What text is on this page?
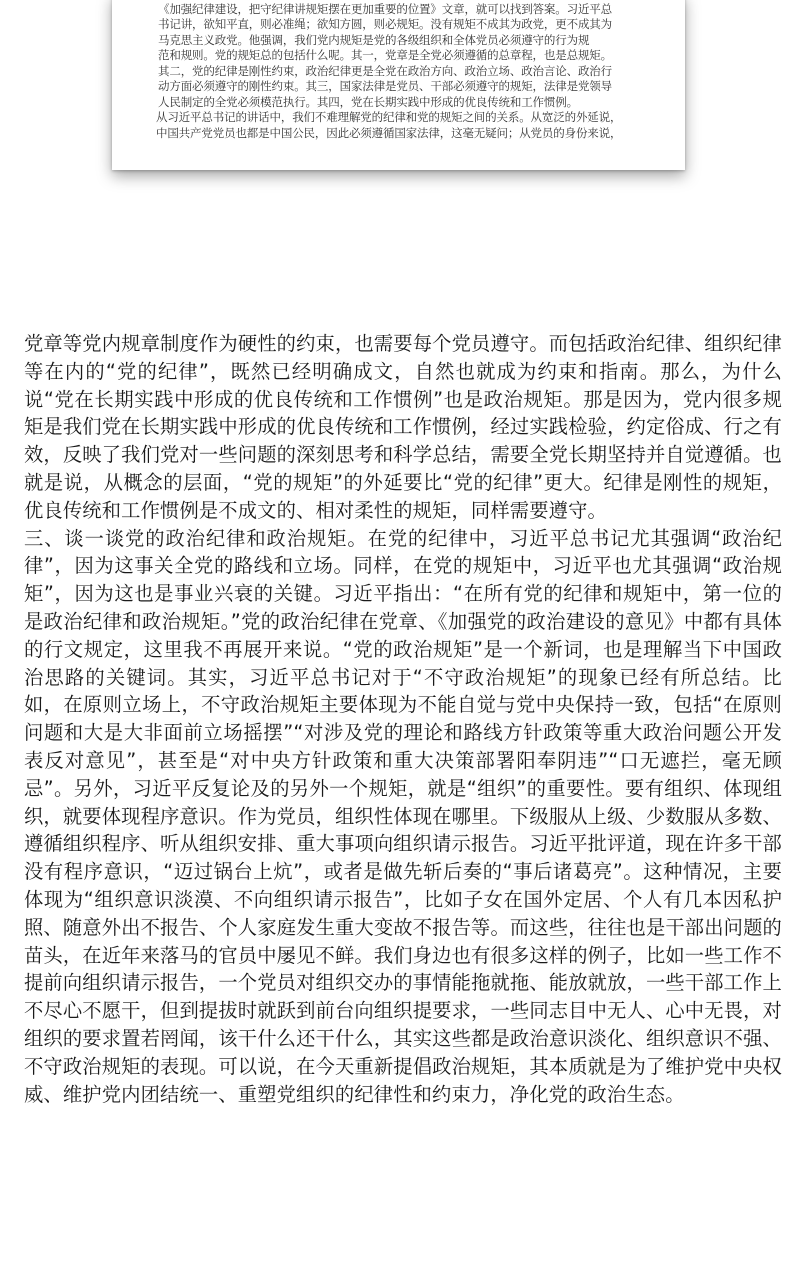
《加强纪律建设，把守纪律讲规矩摆在更加重要的位置》文章，就可以找到答案。习近平总

书记讲，欲知平直，则必准绳；欲知方圆，则必规矩。没有规矩不成其为政党，更不成其为

马克思主义政党。他强调，我们党内规矩是党的各级组织和全体党员必须遵守的行为规

范和规则。党的规矩总的包括什么呢。其一，党章是全党必须遵循的总章程，也是总规矩。

其二，党的纪律是刚性约束，政治纪律更是全党在政治方向、政治立场、政治言论、政治行

动方面必须遵守的刚性约束。其三，国家法律是党员、干部必须遵守的规矩，法律是党领导

人民制定的全党必须模范执行。其四，党在长期实践中形成的优良传统和工作惯例。

从习近平总书记的讲话中，我们不难理解党的纪律和党的规矩之间的关系。从宽泛的外延说，

中国共产党党员也都是中国公民，因此必须遵循国家法律，这毫无疑问；从党员的身份来说，

党章等党内规章制度作为硬性的约束，也需要每个党员遵守。而包括政治纪律、组织纪律等在内的“党的纪律”，既然已经明确成文，自然也就成为约束和指南。那么，为什么说“党在长期实践中形成的优良传统和工作惯例”也是政治规矩。那是因为，党内很多规矩是我们党在长期实践中形成的优良传统和工作惯例，经过实践检验，约定俗成、行之有效，反映了我们党对一些问题的深刻思考和科学总结，需要全党长期坚持并自觉遵循。也就是说，从概念的层面，“党的规矩”的外延要比“党的纪律”更大。纪律是刚性的规矩，优良传统和工作惯例是不成文的、相对柔性的规矩，同样需要遵守。

三、谈一谈党的政治纪律和政治规矩。在党的纪律中，习近平总书记尤其强调“政治纪律”，因为这事关全党的路线和立场。同样，在党的规矩中，习近平也尤其强调“政治规矩”，因为这也是事业兴衰的关键。习近平指出：“在所有党的纪律和规矩中，第一位的是政治纪律和政治规矩。”党的政治纪律在党章、《加强党的政治建设的意见》中都有具体的行文规定，这里我不再展开来说。“党的政治规矩”是一个新词，也是理解当下中国政治思路的关键词。其实，习近平总书记对于“不守政治规矩”的现象已经有所总结。比如，在原则立场上，不守政治规矩主要体现为不能自觉与党中央保持一致，包括“在原则问题和大是大非面前立场摇摆”“对涉及党的理论和路线方针政策等重大政治问题公开发表反对意见”，甚至是“对中央方针政策和重大决策部署阳奉阴违”“口无遮拦，毫无顾忌”。另外，习近平反复论及的另外一个规矩，就是“组织”的重要性。要有组织、体现组织，就要体现程序意识。作为党员，组织性体现在哪里。下级服从上级、少数服从多数、遵循组织程序、听从组织安排、重大事项向组织请示报告。习近平批评道，现在许多干部没有程序意识，“迈过锅台上炕”，或者是做先斩后奏的“事后诸葛亮”。这种情况，主要体现为“组织意识淡漠、不向组织请示报告”，比如子女在国外定居、个人有几本因私护照、随意外出不报告、个人家庭发生重大变故不报告等。而这些，往往也是干部出问题的苗头，在近年来落马的官员中屡见不鲜。我们身边也有很多这样的例子，比如一些工作不提前向组织请示报告，一个党员对组织交办的事情能拖就拖、能放就放，一些干部工作上不尽心不愿干，但到提拔时就跃到前台向组织提要求，一些同志目中无人、心中无畏，对组织的要求置若罔闻，该干什么还干什么，其实这些都是政治意识淡化、组织意识不强、不守政治规矩的表现。可以说，在今天重新提倡政治规矩，其本质就是为了维护党中央权威、维护党内团结统一、重塑党组织的纪律性和约束力，净化党的政治生态。
